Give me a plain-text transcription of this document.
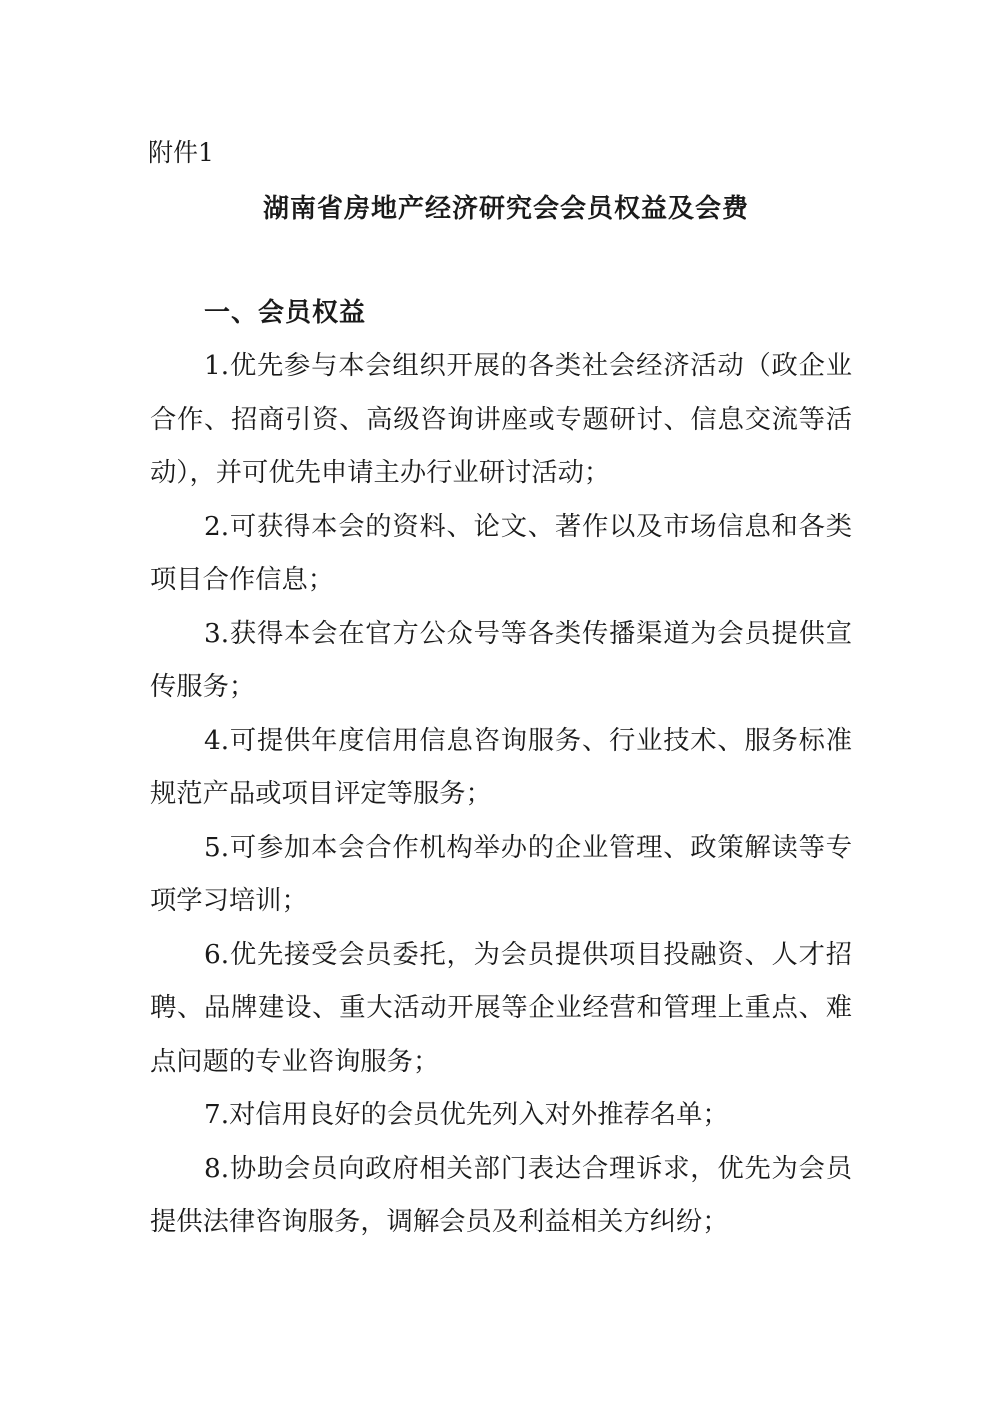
附件1
湖南省房地产经济研究会会员权益及会费
一、会员权益

1.优先参与本会组织开展的各类社会经济活动（政企业合作、招商引资、高级咨询讲座或专题研讨、信息交流等活动），并可优先申请主办行业研讨活动；

2.可获得本会的资料、论文、著作以及市场信息和各类项目合作信息；

3.获得本会在官方公众号等各类传播渠道为会员提供宣传服务；

4.可提供年度信用信息咨询服务、行业技术、服务标准规范产品或项目评定等服务；

5.可参加本会合作机构举办的企业管理、政策解读等专项学习培训；

6.优先接受会员委托，为会员提供项目投融资、人才招聘、品牌建设、重大活动开展等企业经营和管理上重点、难点问题的专业咨询服务；

7.对信用良好的会员优先列入对外推荐名单；

8.协助会员向政府相关部门表达合理诉求，优先为会员提供法律咨询服务，调解会员及利益相关方纠纷；
